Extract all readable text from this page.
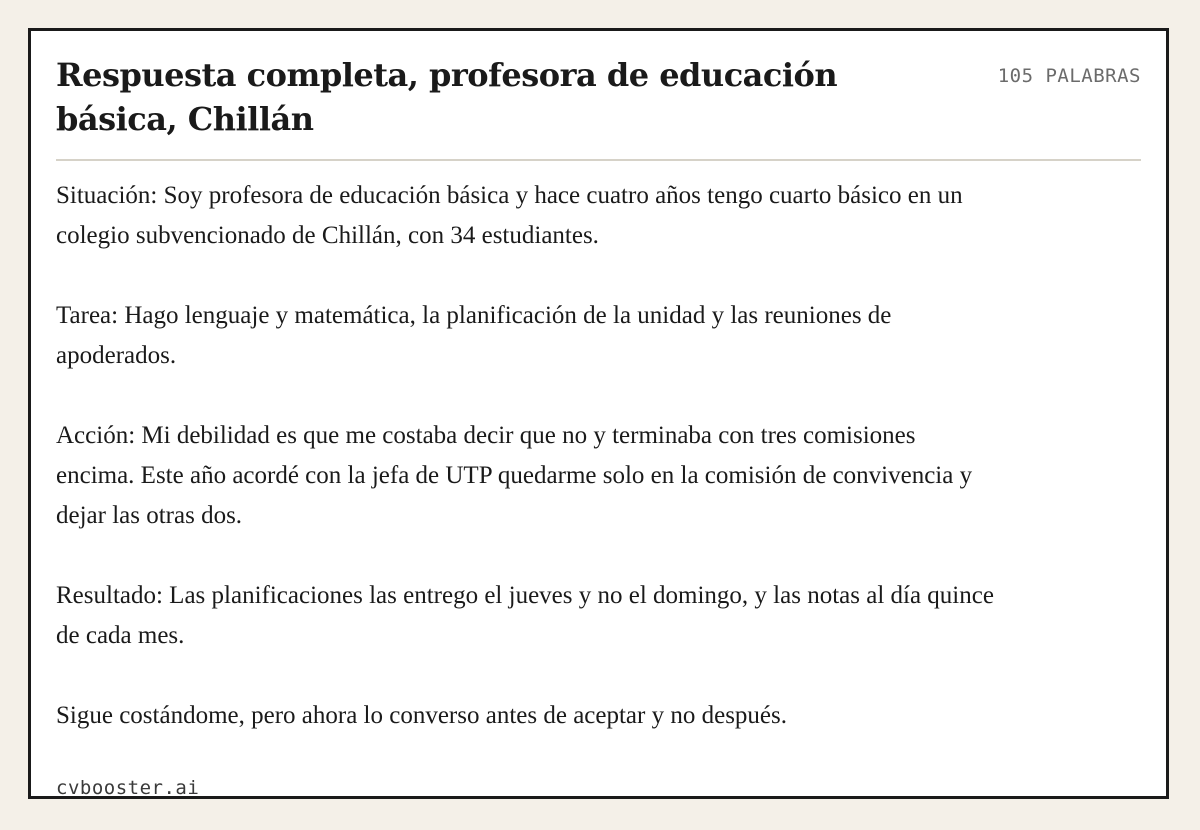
Respuesta completa, profesora de educación básica, Chillán
105 PALABRAS

Situación: Soy profesora de educación básica y hace cuatro años tengo cuarto básico en un colegio subvencionado de Chillán, con 34 estudiantes.

Tarea: Hago lenguaje y matemática, la planificación de la unidad y las reuniones de apoderados.

Acción: Mi debilidad es que me costaba decir que no y terminaba con tres comisiones encima. Este año acordé con la jefa de UTP quedarme solo en la comisión de convivencia y dejar las otras dos.

Resultado: Las planificaciones las entrego el jueves y no el domingo, y las notas al día quince de cada mes.

Sigue costándome, pero ahora lo converso antes de aceptar y no después.

cvbooster.ai
